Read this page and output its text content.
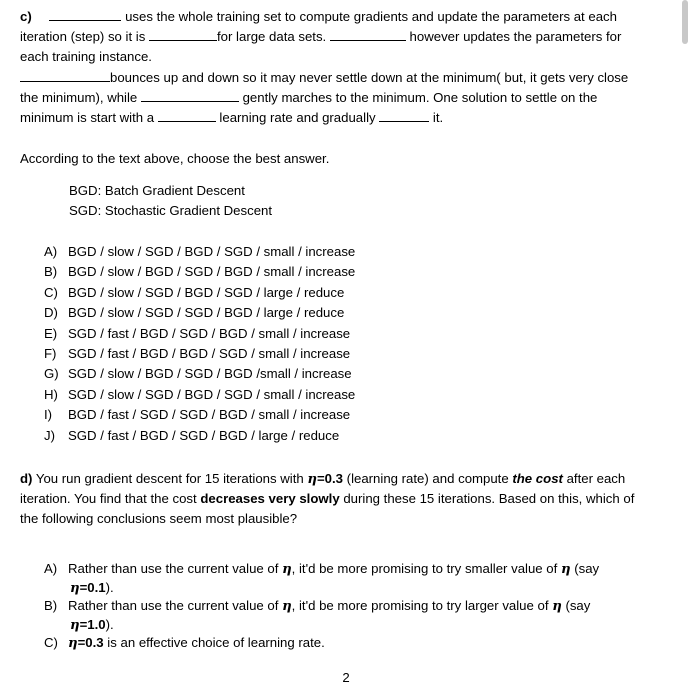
c)	uses the whole training set to compute gradients and update the parameters at each
iteration (step) so it is	for large data sets.	however updates the parameters for
each training instance.
bounces up and down so it may never settle down at the minimum( but, it gets very close
the minimum), while	gently marches to the minimum. One solution to settle on the
minimum is start with a	learning rate and gradually	it.
According to the text above, choose the best answer.
BGD: Batch Gradient Descent
SGD: Stochastic Gradient Descent
A) BGD / slow / SGD / BGD / SGD / small / increase
B) BGD / slow / BGD / SGD / BGD / small / increase
C) BGD / slow / SGD / BGD / SGD / large / reduce
D) BGD / slow / SGD / SGD / BGD / large / reduce
E) SGD / fast / BGD / SGD / BGD / small / increase
F) SGD / fast / BGD / BGD / SGD / small / increase
G) SGD / slow / BGD / SGD / BGD /small / increase
H) SGD / slow / SGD / BGD / SGD / small / increase
I) BGD / fast / SGD / SGD / BGD / small / increase
J) SGD / fast / BGD / SGD / BGD / large / reduce
d) You run gradient descent for 15 iterations with η=0.3 (learning rate) and compute the cost after each
iteration. You find that the cost decreases very slowly during these 15 iterations. Based on this, which of
the following conclusions seem most plausible?
A) Rather than use the current value of η, it'd be more promising to try smaller value of η (say
η=0.1).
B) Rather than use the current value of η, it'd be more promising to try larger value of η (say
η=1.0).
C) η=0.3 is an effective choice of learning rate.
2
